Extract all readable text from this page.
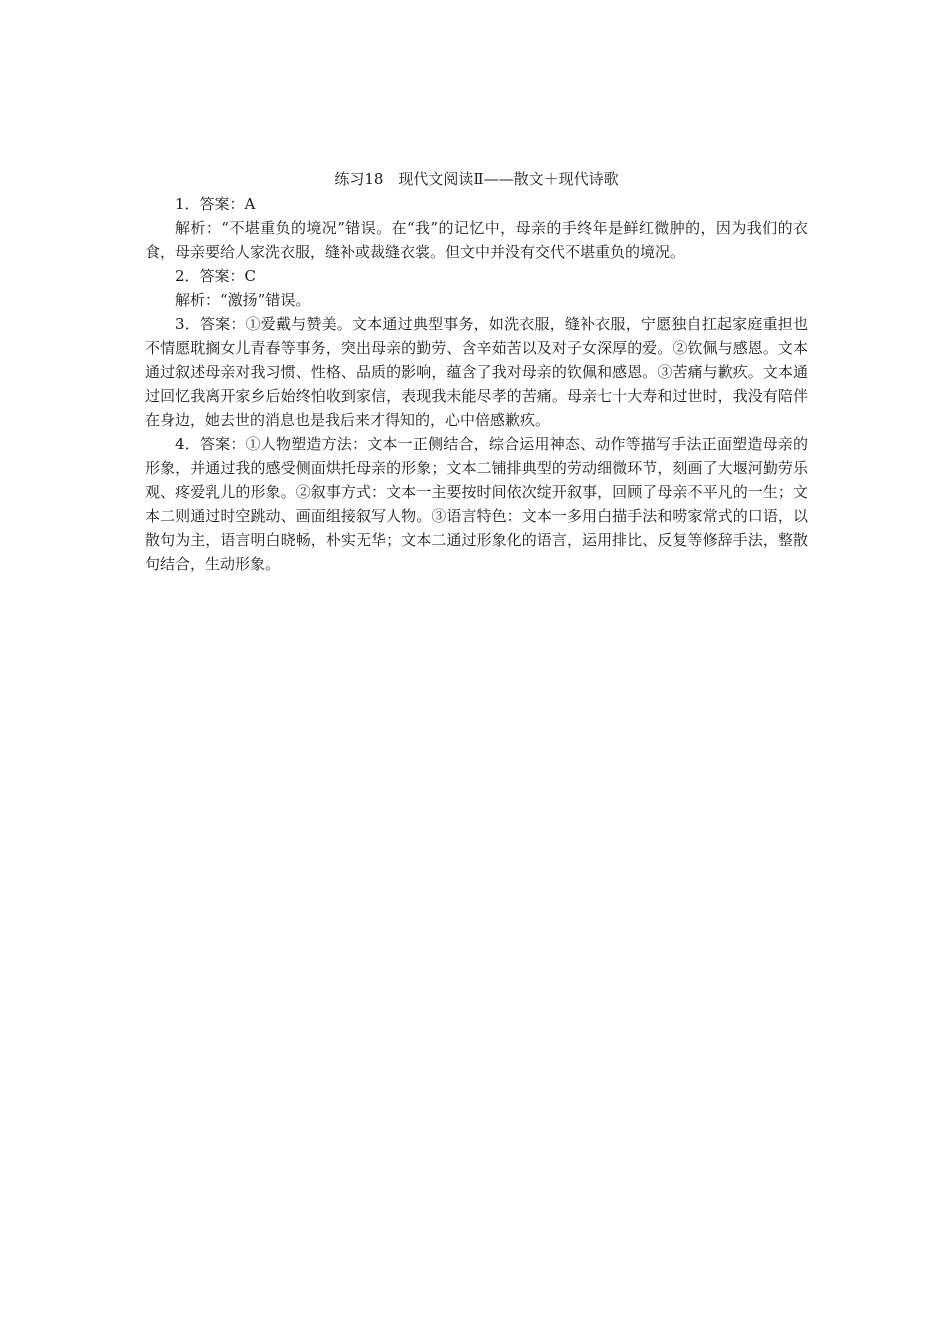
练习18　现代文阅读Ⅱ——散文＋现代诗歌

1．答案：A

解析：“不堪重负的境况”错误。在“我”的记忆中，母亲的手终年是鲜红微肿的，因为我们的衣食，母亲要给人家洗衣服，缝补或裁缝衣裳。但文中并没有交代不堪重负的境况。

2．答案：C

解析：“激扬”错误。

3．答案：①爱戴与赞美。文本通过典型事务，如洗衣服，缝补衣服，宁愿独自扛起家庭重担也不情愿耽搁女儿青春等事务，突出母亲的勤劳、含辛茹苦以及对子女深厚的爱。②钦佩与感恩。文本通过叙述母亲对我习惯、性格、品质的影响，蕴含了我对母亲的钦佩和感恩。③苦痛与歉疚。文本通过回忆我离开家乡后始终怕收到家信，表现我未能尽孝的苦痛。母亲七十大寿和过世时，我没有陪伴在身边，她去世的消息也是我后来才得知的，心中倍感歉疚。

4．答案：①人物塑造方法：文本一正侧结合，综合运用神态、动作等描写手法正面塑造母亲的形象，并通过我的感受侧面烘托母亲的形象；文本二铺排典型的劳动细微环节，刻画了大堰河勤劳乐观、疼爱乳儿的形象。②叙事方式：文本一主要按时间依次绽开叙事，回顾了母亲不平凡的一生；文本二则通过时空跳动、画面组接叙写人物。③语言特色：文本一多用白描手法和唠家常式的口语，以散句为主，语言明白晓畅，朴实无华；文本二通过形象化的语言，运用排比、反复等修辞手法，整散句结合，生动形象。
